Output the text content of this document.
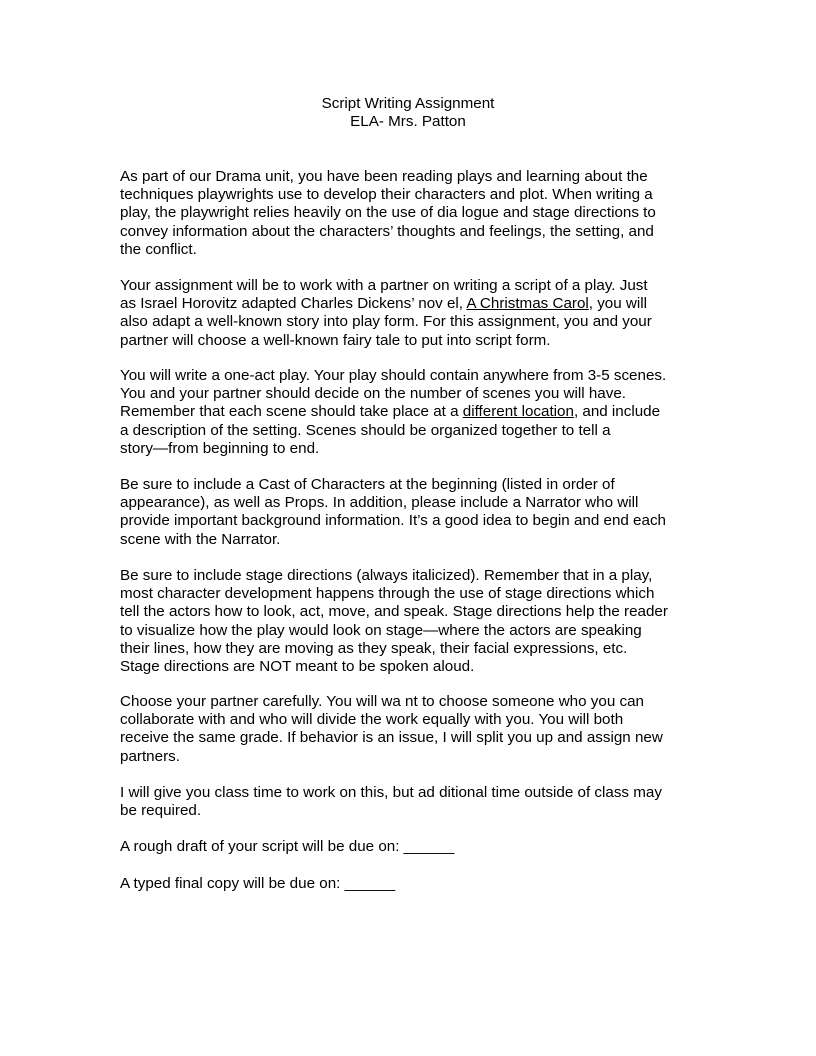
Script Writing Assignment
ELA- Mrs. Patton
As part of our Drama unit, you have been reading plays and learning about the
techniques playwrights use to develop their characters and plot. When writing a
play, the playwright relies heavily on the use of dia logue and stage directions to
convey information about the characters’ thoughts and feelings, the setting, and
the conflict.
Your assignment will be to work with a partner on writing a script of a play. Just
as Israel Horovitz adapted Charles Dickens’ nov el, A Christmas Carol, you will
also adapt a well-known story into play form. For this assignment, you and your
partner will choose a well-known fairy tale to put into script form.
You will write a one-act play. Your play should contain anywhere from 3-5 scenes.
You and your partner should decide on the number of scenes you will have.
Remember that each scene should take place at a different location, and include
a description of the setting. Scenes should be organized together to tell a
story—from beginning to end.
Be sure to include a Cast of Characters at the beginning (listed in order of
appearance), as well as Props. In addition, please include a Narrator who will
provide important background information. It’s a good idea to begin and end each
scene with the Narrator.
Be sure to include stage directions (always italicized). Remember that in a play,
most character development happens through the use of stage directions which
tell the actors how to look, act, move, and speak. Stage directions help the reader
to visualize how the play would look on stage—where the actors are speaking
their lines, how they are moving as they speak, their facial expressions, etc.
Stage directions are NOT meant to be spoken aloud.
Choose your partner carefully. You will wa nt to choose someone who you can
collaborate with and who will divide the work equally with you. You will both
receive the same grade. If behavior is an issue, I will split you up and assign new
partners.
I will give you class time to work on this, but ad ditional time outside of class may
be required.
A rough draft of your script will be due on: ______
A typed final copy will be due on: ______
